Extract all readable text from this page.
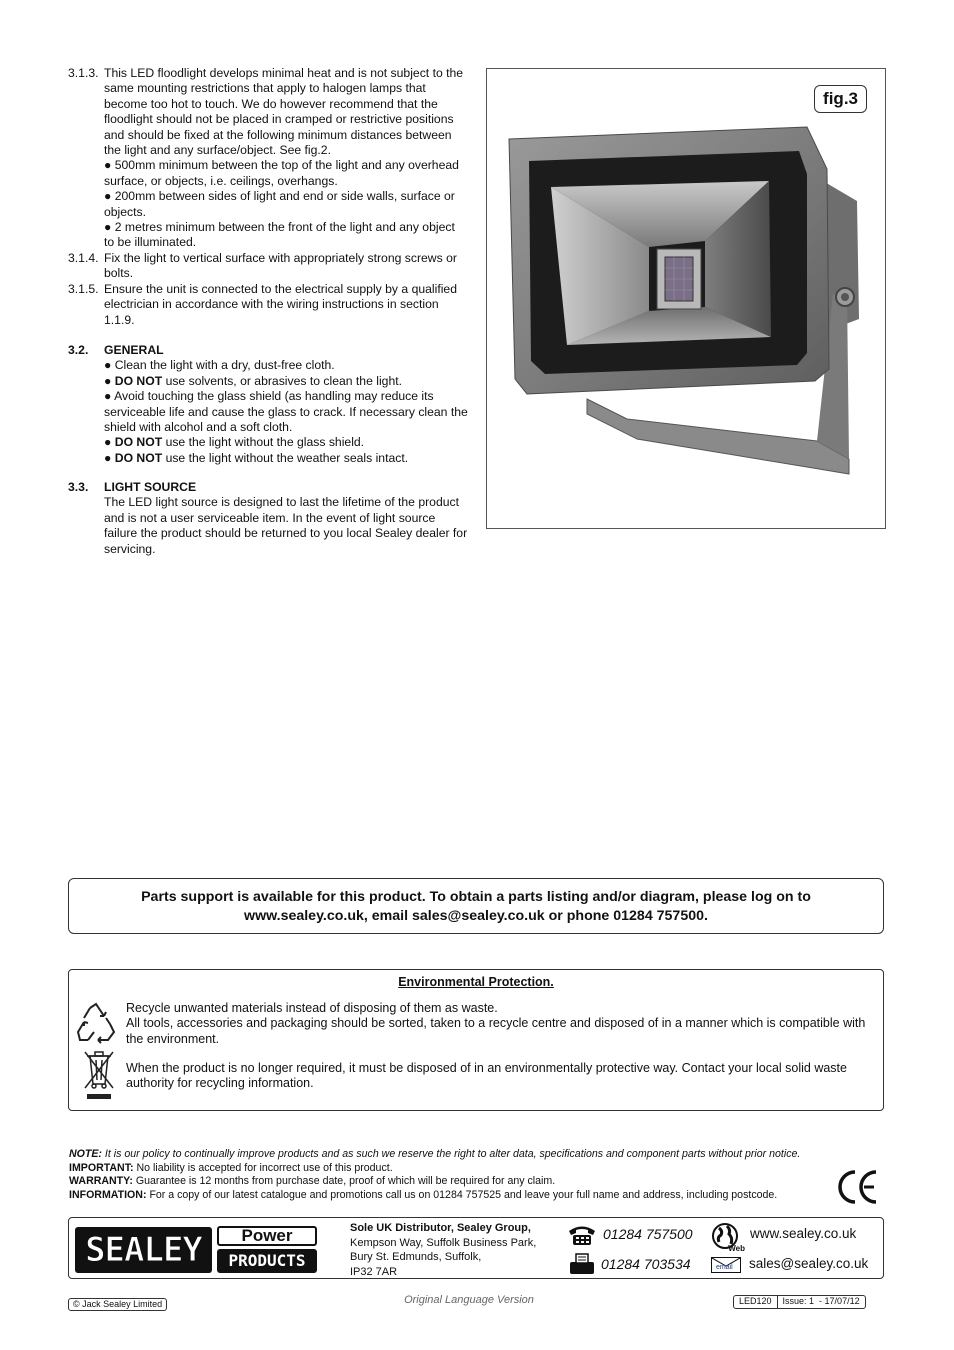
3.1.3. This LED floodlight develops minimal heat and is not subject to the same mounting restrictions that apply to halogen lamps that become too hot to touch. We do however recommend that the floodlight should not be placed in cramped or restrictive positions and should be fixed at the following minimum distances between the light and any surface/object. See fig.2.
● 500mm minimum between the top of the light and any overhead surface, or objects, i.e. ceilings, overhangs.
● 200mm between sides of light and end or side walls, surface or objects.
● 2 metres minimum between the front of the light and any object to be illuminated.
3.1.4. Fix the light to vertical surface with appropriately strong screws or bolts.
3.1.5. Ensure the unit is connected to the electrical supply by a qualified electrician in accordance with the wiring instructions in section 1.1.9.
3.2. GENERAL
● Clean the light with a dry, dust-free cloth.
● DO NOT use solvents, or abrasives to clean the light.
● Avoid touching the glass shield (as handling may reduce its serviceable life and cause the glass to crack. If necessary clean the shield with alcohol and a soft cloth.
● DO NOT use the light without the glass shield.
● DO NOT use the light without the weather seals intact.
3.3. LIGHT SOURCE
The LED light source is designed to last the lifetime of the product and is not a user serviceable item. In the event of light source failure the product should be returned to you local Sealey dealer for servicing.
fig.3
Parts support is available for this product. To obtain a parts listing and/or diagram, please log on to
www.sealey.co.uk, email sales@sealey.co.uk or phone 01284 757500.
Environmental Protection.
Recycle unwanted materials instead of disposing of them as waste.
All tools, accessories and packaging should be sorted, taken to a recycle centre and disposed of in a manner which is compatible with the environment.
When the product is no longer required, it must be disposed of in an environmentally protective way. Contact your local solid waste authority for recycling information.
NOTE: It is our policy to continually improve products and as such we reserve the right to alter data, specifications and component parts without prior notice.
IMPORTANT: No liability is accepted for incorrect use of this product.
WARRANTY: Guarantee is 12 months from purchase date, proof of which will be required for any claim.
INFORMATION: For a copy of our latest catalogue and promotions call us on 01284 757525 and leave your full name and address, including postcode.
SEALEY	Power
PRODUCTS
Sole UK Distributor, Sealey Group,
Kempson Way, Suffolk Business Park,
Bury St. Edmunds, Suffolk,
IP32 7AR
01284 757500
01284 703534
Web
www.sealey.co.uk
email sales@sealey.co.uk
© Jack Sealey Limited	Original Language Version	LED120	Issue: 1  - 17/07/12
